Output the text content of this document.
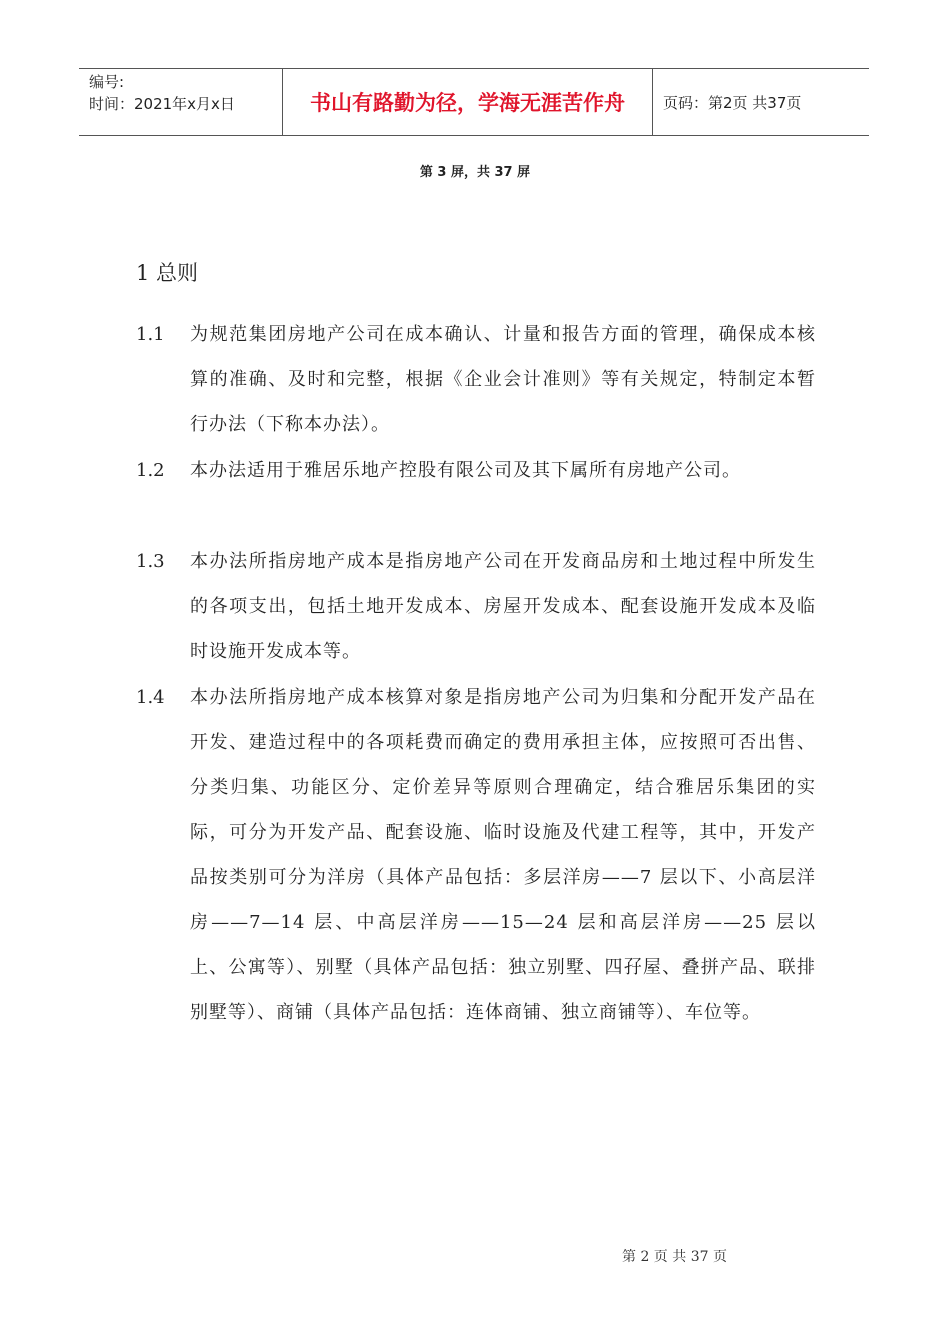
编号:
时间：2021年x月x日	书山有路勤为径，学海无涯苦作舟	页码：第2页 共37页
第 3 屏，共 37 屏
1 总则
1.1	为规范集团房地产公司在成本确认、计量和报告方面的管理，确保成本核算的准确、及时和完整，根据《企业会计准则》等有关规定，特制定本暂行办法（下称本办法）。
1.2	本办法适用于雅居乐地产控股有限公司及其下属所有房地产公司。
1.3	本办法所指房地产成本是指房地产公司在开发商品房和土地过程中所发生的各项支出，包括土地开发成本、房屋开发成本、配套设施开发成本及临时设施开发成本等。
1.4	本办法所指房地产成本核算对象是指房地产公司为归集和分配开发产品在开发、建造过程中的各项耗费而确定的费用承担主体，应按照可否出售、分类归集、功能区分、定价差异等原则合理确定，结合雅居乐集团的实际，可分为开发产品、配套设施、临时设施及代建工程等，其中，开发产品按类别可分为洋房（具体产品包括：多层洋房——7 层以下、小高层洋房——7—14 层、中高层洋房——15—24 层和高层洋房——25 层以上、公寓等）、别墅（具体产品包括：独立别墅、四孖屋、叠拼产品、联排别墅等）、商铺（具体产品包括：连体商铺、独立商铺等）、车位等。
第 2 页 共 37 页
